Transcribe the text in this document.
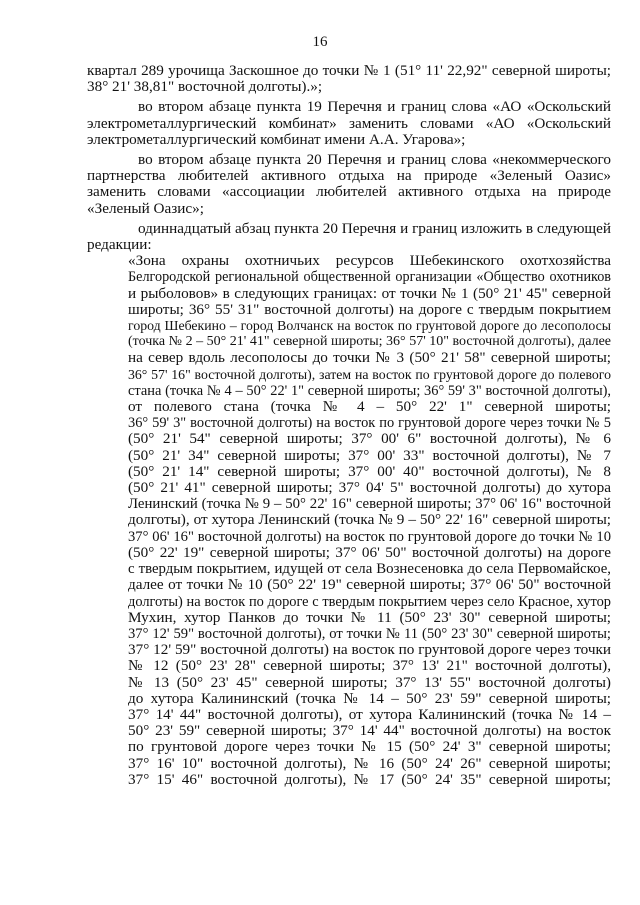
16

квартал 289 урочища Заскошное до точки № 1 (51° 11' 22,92" северной широты; 38° 21' 38,81" восточной долготы).»;

во втором абзаце пункта 19 Перечня и границ слова «АО «Оскольский электрометаллургический комбинат» заменить словами «АО «Оскольский электрометаллургический комбинат имени А.А. Угарова»;

во втором абзаце пункта 20 Перечня и границ слова «некоммерческого партнерства любителей активного отдыха на природе «Зеленый Оазис» заменить словами «ассоциации любителей активного отдыха на природе «Зеленый Оазис»;

одиннадцатый абзац пункта 20 Перечня и границ изложить в следующей редакции:

«Зона охраны охотничьих ресурсов Шебекинского охотхозяйства
Белгородской региональной общественной организации «Общество охотников
и рыболовов» в следующих границах: от точки № 1 (50° 21' 45" северной
широты; 36° 55' 31" восточной долготы) на дороге с твердым покрытием
город Шебекино – город Волчанск на восток по грунтовой дороге до лесополосы
(точка № 2 – 50° 21' 41" северной широты; 36° 57' 10" восточной долготы), далее
на север вдоль лесополосы до точки № 3 (50° 21' 58" северной широты;
36° 57' 16" восточной долготы), затем на восток по грунтовой дороге до полевого
стана (точка № 4 – 50° 22' 1" северной широты; 36° 59' 3" восточной долготы),
от полевого стана (точка № 4 – 50° 22' 1" северной широты;
36° 59' 3" восточной долготы) на восток по грунтовой дороге через точки № 5
(50° 21' 54" северной широты; 37° 00' 6" восточной долготы), № 6
(50° 21' 34" северной широты; 37° 00' 33" восточной долготы), № 7
(50° 21' 14" северной широты; 37° 00' 40" восточной долготы), № 8
(50° 21' 41" северной широты; 37° 04' 5" восточной долготы) до хутора
Ленинский (точка № 9 – 50° 22' 16" северной широты; 37° 06' 16" восточной
долготы), от хутора Ленинский (точка № 9 – 50° 22' 16" северной широты;
37° 06' 16" восточной долготы) на восток по грунтовой дороге до точки № 10
(50° 22' 19" северной широты; 37° 06' 50" восточной долготы) на дороге
с твердым покрытием, идущей от села Вознесеновка до села Первомайское,
далее от точки № 10 (50° 22' 19" северной широты; 37° 06' 50" восточной
долготы) на восток по дороге с твердым покрытием через село Красное, хутор
Мухин, хутор Панков до точки № 11 (50° 23' 30" северной широты;
37° 12' 59" восточной долготы), от точки № 11 (50° 23' 30" северной широты;
37° 12' 59" восточной долготы) на восток по грунтовой дороге через точки
№ 12 (50° 23' 28" северной широты; 37° 13' 21" восточной долготы),
№ 13 (50° 23' 45" северной широты; 37° 13' 55" восточной долготы)
до хутора Калининский (точка № 14 – 50° 23' 59" северной широты;
37° 14' 44" восточной долготы), от хутора Калининский (точка № 14 –
50° 23' 59" северной широты; 37° 14' 44" восточной долготы) на восток
по грунтовой дороге через точки № 15 (50° 24' 3" северной широты;
37° 16' 10" восточной долготы), № 16 (50° 24' 26" северной широты;
37° 15' 46" восточной долготы), № 17 (50° 24' 35" северной широты;
